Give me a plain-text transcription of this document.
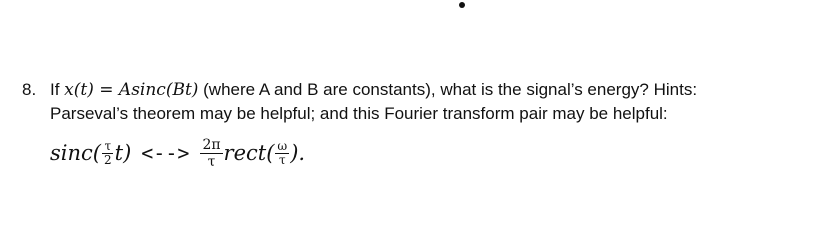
8. If x(t) = Asinc(Bt) (where A and B are constants), what is the signal’s energy? Hints:
Parseval’s theorem may be helpful; and this Fourier transform pair may be helpful:
$\sin c( \frac{\tau}{2} t)$ <--> $\frac{2\pi}{\tau}$ rect( $\frac{\omega}{\tau}$ ).
